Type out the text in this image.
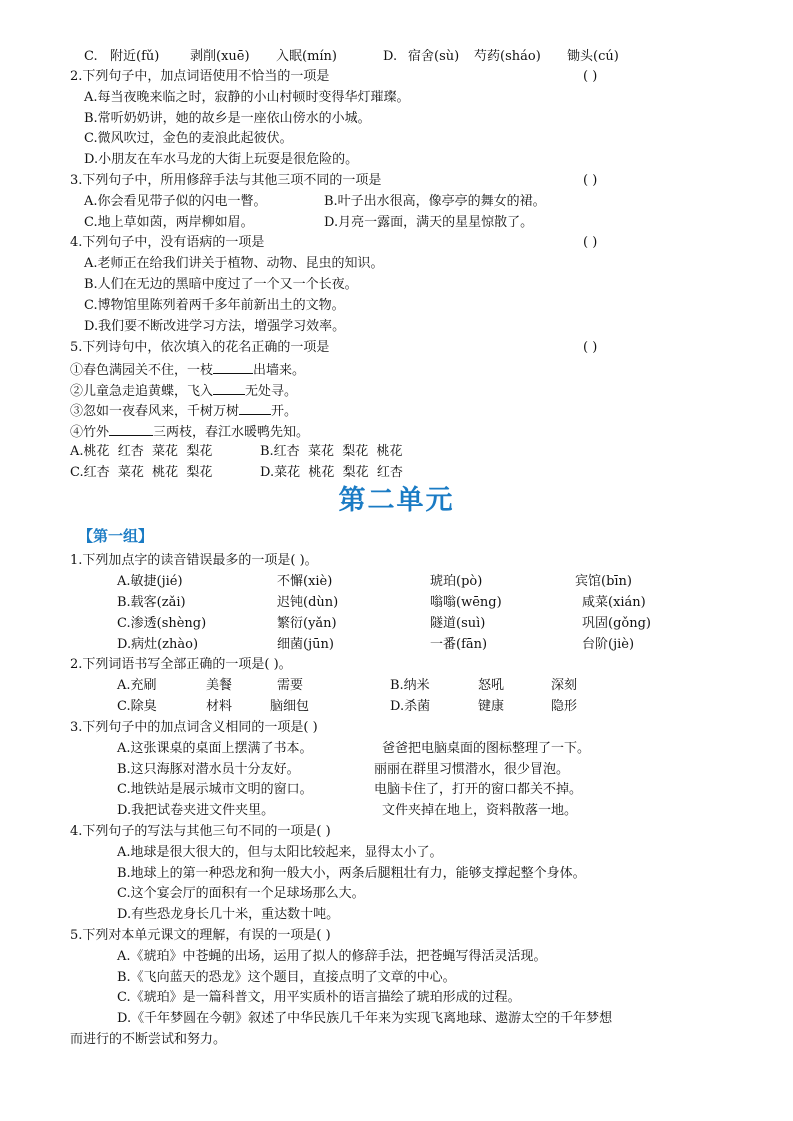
C. 附近(fǔ) 剥削(xuē) 入眠(mín)	D. 宿舍(sù) 芍药(sháo) 锄头(cú)
2.下列句子中，加点词语使用不恰当的一项是	( )
A.每当夜晚来临之时，寂静的小山村顿时变得华灯璀璨。
B.常听奶奶讲，她的故乡是一座依山傍水的小城。
C.微风吹过，金色的麦浪此起彼伏。
D.小朋友在车水马龙的大街上玩耍是很危险的。
3.下列句子中，所用修辞手法与其他三项不同的一项是	( )
A.你会看见带子似的闪电一瞥。	B.叶子出水很高，像亭亭的舞女的裙。
C.地上草如茵，两岸柳如眉。	D.月亮一露面，满天的星星惊散了。
4.下列句子中，没有语病的一项是	( )
A.老师正在给我们讲关于植物、动物、昆虫的知识。
B.人们在无边的黑暗中度过了一个又一个长夜。
C.博物馆里陈列着两千多年前新出土的文物。
D.我们要不断改进学习方法，增强学习效率。
5.下列诗句中，依次填入的花名正确的一项是	( )
①春色满园关不住，一枝	出墙来。
②儿童急走追黄蝶，飞入 无处寻。
③忽如一夜春风来，千树万树 开。
④竹外	三两枝，春江水暖鸭先知。
A.桃花  红杏  菜花  梨花	B.红杏  菜花  梨花  桃花
C.红杏  菜花  桃花  梨花	D.菜花  桃花  梨花  红杏
第二单元
【第一组】
1.下列加点字的读音错误最多的一项是( )。
A.敏捷(jié)	不懈(xiè)	琥珀(pò)	宾馆(bīn)
B.载客(zǎi)	迟钝(dùn)	嗡嗡(wēng)	咸菜(xián)
C.渗透(shèng)	繁衍(yǎn)	隧道(suì)	巩固(gǒng)
D.病灶(zhào)	细菌(jūn)	一番(fān)	台阶(jiè)
2.下列词语书写全部正确的一项是( )。
A.充刷	美餐	需要	B.纳米	怒吼	深刻
C.除臭	材料	脑细包	D.杀菌	键康	隐形
3.下列句子中的加点词含义相同的一项是( )
A.这张课桌的桌面上摆满了书本。	爸爸把电脑桌面的图标整理了一下。
B.这只海豚对潜水员十分友好。	丽丽在群里习惯潜水，很少冒泡。
C.地铁站是展示城市文明的窗口。	电脑卡住了，打开的窗口都关不掉。
D.我把试卷夹进文件夹里。	文件夹掉在地上，资料散落一地。
4.下列句子的写法与其他三句不同的一项是( )
A.地球是很大很大的，但与太阳比较起来，显得太小了。
B.地球上的第一种恐龙和狗一般大小，两条后腿粗壮有力，能够支撑起整个身体。
C.这个宴会厅的面积有一个足球场那么大。
D.有些恐龙身长几十米，重达数十吨。
5.下列对本单元课文的理解，有误的一项是( )
A.《琥珀》中苍蝇的出场，运用了拟人的修辞手法，把苍蝇写得活灵活现。
B.《飞向蓝天的恐龙》这个题目，直接点明了文章的中心。
C.《琥珀》是一篇科普文，用平实质朴的语言描绘了琥珀形成的过程。
D.《千年梦圆在今朝》叙述了中华民族几千年来为实现飞离地球、遨游太空的千年梦想
而进行的不断尝试和努力。
